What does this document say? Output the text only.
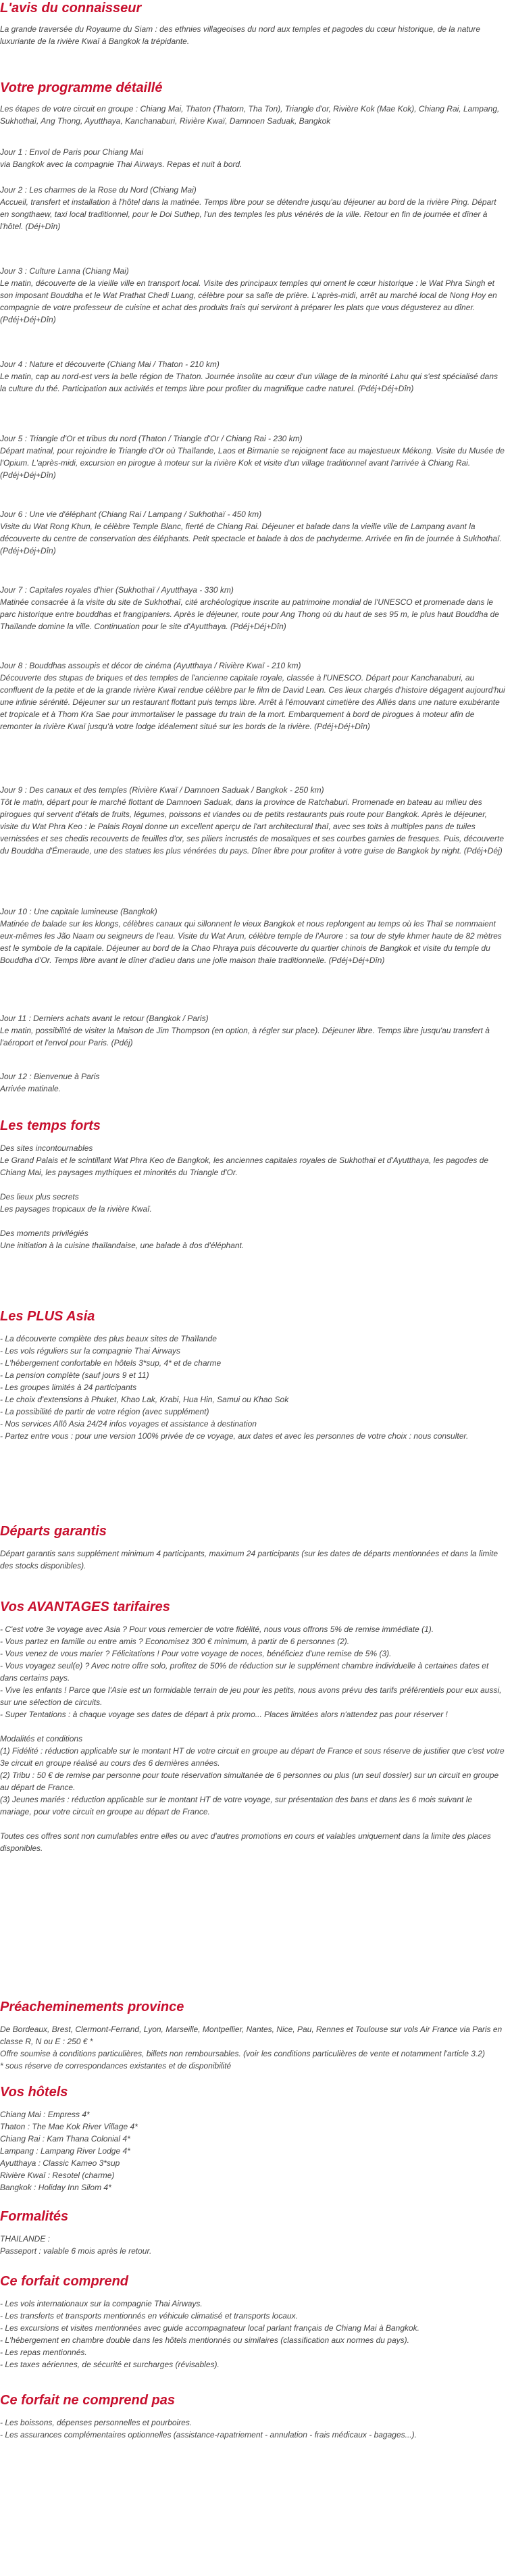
L'avis du connaisseur
La grande traversée du Royaume du Siam : des ethnies villageoises du nord aux temples et pagodes du cœur historique, de la nature luxuriante de la rivière Kwaï à Bangkok la trépidante.
Votre programme détaillé
Les étapes de votre circuit en groupe : Chiang Mai, Thaton (Thatorn, Tha Ton), Triangle d'or, Rivière Kok (Mae Kok), Chiang Rai, Lampang, Sukhothaï, Ang Thong, Ayutthaya, Kanchanaburi, Rivière Kwaï, Damnoen Saduak, Bangkok
Jour 1 : Envol de Paris pour Chiang Mai
via Bangkok avec la compagnie Thai Airways. Repas et nuit à bord.
Jour 2 : Les charmes de la Rose du Nord (Chiang Mai)
Accueil, transfert et installation à l'hôtel dans la matinée. Temps libre pour se détendre jusqu'au déjeuner au bord de la rivière Ping. Départ en songthaew, taxi local traditionnel, pour le Doi Suthep, l'un des temples les plus vénérés de la ville. Retour en fin de journée et dîner à l'hôtel. (Déj+Dîn)
Jour 3 : Culture Lanna (Chiang Mai)
Le matin, découverte de la vieille ville en transport local. Visite des principaux temples qui ornent le cœur historique : le Wat Phra Singh et son imposant Bouddha et le Wat Prathat Chedi Luang, célèbre pour sa salle de prière. L'après-midi, arrêt au marché local de Nong Hoy en compagnie de votre professeur de cuisine et achat des produits frais qui serviront à préparer les plats que vous dégusterez au dîner. (Pdéj+Déj+Dîn)
Jour 4 : Nature et découverte (Chiang Mai / Thaton - 210 km)
Le matin, cap au nord-est vers la belle région de Thaton. Journée insolite au cœur d'un village de la minorité Lahu qui s'est spécialisé dans la culture du thé. Participation aux activités et temps libre pour profiter du magnifique cadre naturel. (Pdéj+Déj+Dîn)
Jour 5 : Triangle d'Or et tribus du nord (Thaton / Triangle d'Or / Chiang Rai - 230 km)
Départ matinal, pour rejoindre le Triangle d'Or où Thaïlande, Laos et Birmanie se rejoignent face au majestueux Mékong. Visite du Musée de l'Opium. L'après-midi, excursion en pirogue à moteur sur la rivière Kok et visite d'un village traditionnel avant l'arrivée à Chiang Rai. (Pdéj+Déj+Dîn)
Jour 6 : Une vie d'éléphant (Chiang Rai / Lampang / Sukhothaï - 450 km)
Visite du Wat Rong Khun, le célèbre Temple Blanc, fierté de Chiang Rai. Déjeuner et balade dans la vieille ville de Lampang avant la découverte du centre de conservation des éléphants. Petit spectacle et balade à dos de pachyderme. Arrivée en fin de journée à Sukhothaï. (Pdéj+Déj+Dîn)
Jour 7 : Capitales royales d'hier (Sukhothaï / Ayutthaya - 330 km)
Matinée consacrée à la visite du site de Sukhothaï, cité archéologique inscrite au patrimoine mondial de l'UNESCO et promenade dans le parc historique entre bouddhas et frangipaniers. Après le déjeuner, route pour Ang Thong où du haut de ses 95 m, le plus haut Bouddha de Thaïlande domine la ville. Continuation pour le site d'Ayutthaya. (Pdéj+Déj+Dîn)
Jour 8 : Bouddhas assoupis et décor de cinéma (Ayutthaya / Rivière Kwaï - 210 km)
Découverte des stupas de briques et des temples de l'ancienne capitale royale, classée à l'UNESCO. Départ pour Kanchanaburi, au confluent de la petite et de la grande rivière Kwaï rendue célèbre par le film de David Lean. Ces lieux chargés d'histoire dégagent aujourd'hui une infinie sérénité. Déjeuner sur un restaurant flottant puis temps libre. Arrêt à l'émouvant cimetière des Alliés dans une nature exubérante et tropicale et à Thom Kra Sae pour immortaliser le passage du train de la mort. Embarquement à bord de pirogues à moteur afin de remonter la rivière Kwaï jusqu'à votre lodge idéalement situé sur les bords de la rivière. (Pdéj+Déj+Dîn)
Jour 9 : Des canaux et des temples (Rivière Kwaï / Damnoen Saduak / Bangkok - 250 km)
Tôt le matin, départ pour le marché flottant de Damnoen Saduak, dans la province de Ratchaburi. Promenade en bateau au milieu des pirogues qui servent d'étals de fruits, légumes, poissons et viandes ou de petits restaurants puis route pour Bangkok. Après le déjeuner, visite du Wat Phra Keo : le Palais Royal donne un excellent aperçu de l'art architectural thaï, avec ses toits à multiples pans de tuiles vernissées et ses chedis recouverts de feuilles d'or, ses piliers incrustés de mosaïques et ses courbes garnies de fresques. Puis, découverte du Bouddha d'Émeraude, une des statues les plus vénérées du pays. Dîner libre pour profiter à votre guise de Bangkok by night. (Pdéj+Déj)
Jour 10 : Une capitale lumineuse (Bangkok)
Matinée de balade sur les klongs, célèbres canaux qui sillonnent le vieux Bangkok et nous replongent au temps où les Thaï se nommaient eux-mêmes les Jão Naam ou seigneurs de l'eau. Visite du Wat Arun, célèbre temple de l'Aurore : sa tour de style khmer haute de 82 mètres est le symbole de la capitale. Déjeuner au bord de la Chao Phraya puis découverte du quartier chinois de Bangkok et visite du temple du Bouddha d'Or. Temps libre avant le dîner d'adieu dans une jolie maison thaïe traditionnelle. (Pdéj+Déj+Dîn)
Jour 11 : Derniers achats avant le retour (Bangkok / Paris)
Le matin, possibilité de visiter la Maison de Jim Thompson (en option, à régler sur place). Déjeuner libre. Temps libre jusqu'au transfert à l'aéroport et l'envol pour Paris. (Pdéj)
Jour 12 : Bienvenue à Paris
Arrivée matinale.
Les temps forts
Des sites incontournables
Le Grand Palais et le scintillant Wat Phra Keo de Bangkok, les anciennes capitales royales de Sukhothaï et d'Ayutthaya, les pagodes de Chiang Mai, les paysages mythiques et minorités du Triangle d'Or.

Des lieux plus secrets
Les paysages tropicaux de la rivière Kwaï.

Des moments privilégiés
Une initiation à la cuisine thaïlandaise, une balade à dos d'éléphant.
Les PLUS Asia
- La découverte complète des plus beaux sites de Thaïlande
- Les vols réguliers sur la compagnie Thai Airways
- L'hébergement confortable en hôtels 3*sup, 4* et de charme
- La pension complète (sauf jours 9 et 11)
- Les groupes limités à 24 participants
- Le choix d'extensions à Phuket, Khao Lak, Krabi, Hua Hin, Samui ou Khao Sok
- La possibilité de partir de votre région (avec supplément)
- Nos services Allô Asia 24/24 infos voyages et assistance à destination
- Partez entre vous : pour une version 100% privée de ce voyage, aux dates et avec les personnes de votre choix : nous consulter.
Départs garantis
Départ garantis sans supplément minimum 4 participants, maximum 24 participants (sur les dates de départs mentionnées et dans la limite des stocks disponibles).
Vos AVANTAGES tarifaires
- C'est votre 3e voyage avec Asia ? Pour vous remercier de votre fidélité, nous vous offrons 5% de remise immédiate (1).
- Vous partez en famille ou entre amis ? Economisez 300 € minimum, à partir de 6 personnes (2).
- Vous venez de vous marier ? Félicitations ! Pour votre voyage de noces, bénéficiez d'une remise de 5% (3).
- Vous voyagez seul(e) ? Avec notre offre solo, profitez de 50% de réduction sur le supplément chambre individuelle à certaines dates et dans certains pays.
- Vive les enfants ! Parce que l'Asie est un formidable terrain de jeu pour les petits, nous avons prévu des tarifs préférentiels pour eux aussi, sur une sélection de circuits.
- Super Tentations : à chaque voyage ses dates de départ à prix promo... Places limitées alors n'attendez pas pour réserver !

Modalités et conditions
(1) Fidélité : réduction applicable sur le montant HT de votre circuit en groupe au départ de France et sous réserve de justifier que c'est votre 3e circuit en groupe réalisé au cours des 6 dernières années.
(2) Tribu : 50 € de remise par personne pour toute réservation simultanée de 6 personnes ou plus (un seul dossier) sur un circuit en groupe au départ de France.
(3) Jeunes mariés : réduction applicable sur le montant HT de votre voyage, sur présentation des bans et dans les 6 mois suivant le mariage, pour votre circuit en groupe au départ de France.

Toutes ces offres sont non cumulables entre elles ou avec d'autres promotions en cours et valables uniquement dans la limite des places disponibles.
Préacheminements province
De Bordeaux, Brest, Clermont-Ferrand, Lyon, Marseille, Montpellier, Nantes, Nice, Pau, Rennes et Toulouse sur vols Air France via Paris en classe R, N ou E : 250 € *
Offre soumise à conditions particulières, billets non remboursables. (voir les conditions particulières de vente et notamment l'article 3.2)
* sous réserve de correspondances existantes et de disponibilité
Vos hôtels
Chiang Mai : Empress 4*
Thaton : The Mae Kok River Village 4*
Chiang Rai : Kam Thana Colonial 4*
Lampang : Lampang River Lodge 4*
Ayutthaya : Classic Kameo 3*sup
Rivière Kwaï : Resotel (charme)
Bangkok : Holiday Inn Silom 4*
Formalités
THAILANDE :
Passeport : valable 6 mois après le retour.
Ce forfait comprend
- Les vols internationaux sur la compagnie Thai Airways.
- Les transferts et transports mentionnés en véhicule climatisé et transports locaux.
- Les excursions et visites mentionnées avec guide accompagnateur local parlant français de Chiang Mai à Bangkok.
- L'hébergement en chambre double dans les hôtels mentionnés ou similaires (classification aux normes du pays).
- Les repas mentionnés.
- Les taxes aériennes, de sécurité et surcharges (révisables).
Ce forfait ne comprend pas
- Les boissons, dépenses personnelles et pourboires.
- Les assurances complémentaires optionnelles (assistance-rapatriement - annulation - frais médicaux - bagages...).
